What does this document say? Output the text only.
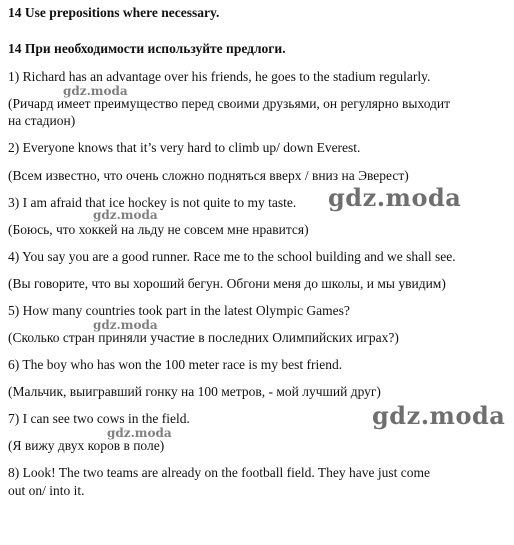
14 Use prepositions where necessary.
14 При необходимости используйте предлоги.
1) Richard has an advantage over his friends, he goes to the stadium regularly.
(Ричард имеет преимущество перед своими друзьями, он регулярно выходит
на стадион)
2) Everyone knows that it’s very hard to climb up/ down Everest.
(Всем известно, что очень сложно подняться вверх / вниз на Эверест)
3) I am afraid that ice hockey is not quite to my taste.
(Боюсь, что хоккей на льду не совсем мне нравится)
4) You say you are a good runner. Race me to the school building and we shall see.
(Вы говорите, что вы хороший бегун. Обгони меня до школы, и мы увидим)
5) How many countries took part in the latest Olympic Games?
(Сколько стран приняли участие в последних Олимпийских играх?)
6) The boy who has won the 100 meter race is my best friend.
(Мальчик, выигравший гонку на 100 метров, - мой лучший друг)
7) I can see two cows in the field.
(Я вижу двух коров в поле)
8) Look! The two teams are already on the football field. They have just come
out on/ into it.
gdz.moda
gdz.moda
gdz.moda
gdz.moda
gdz.moda
gdz.moda
